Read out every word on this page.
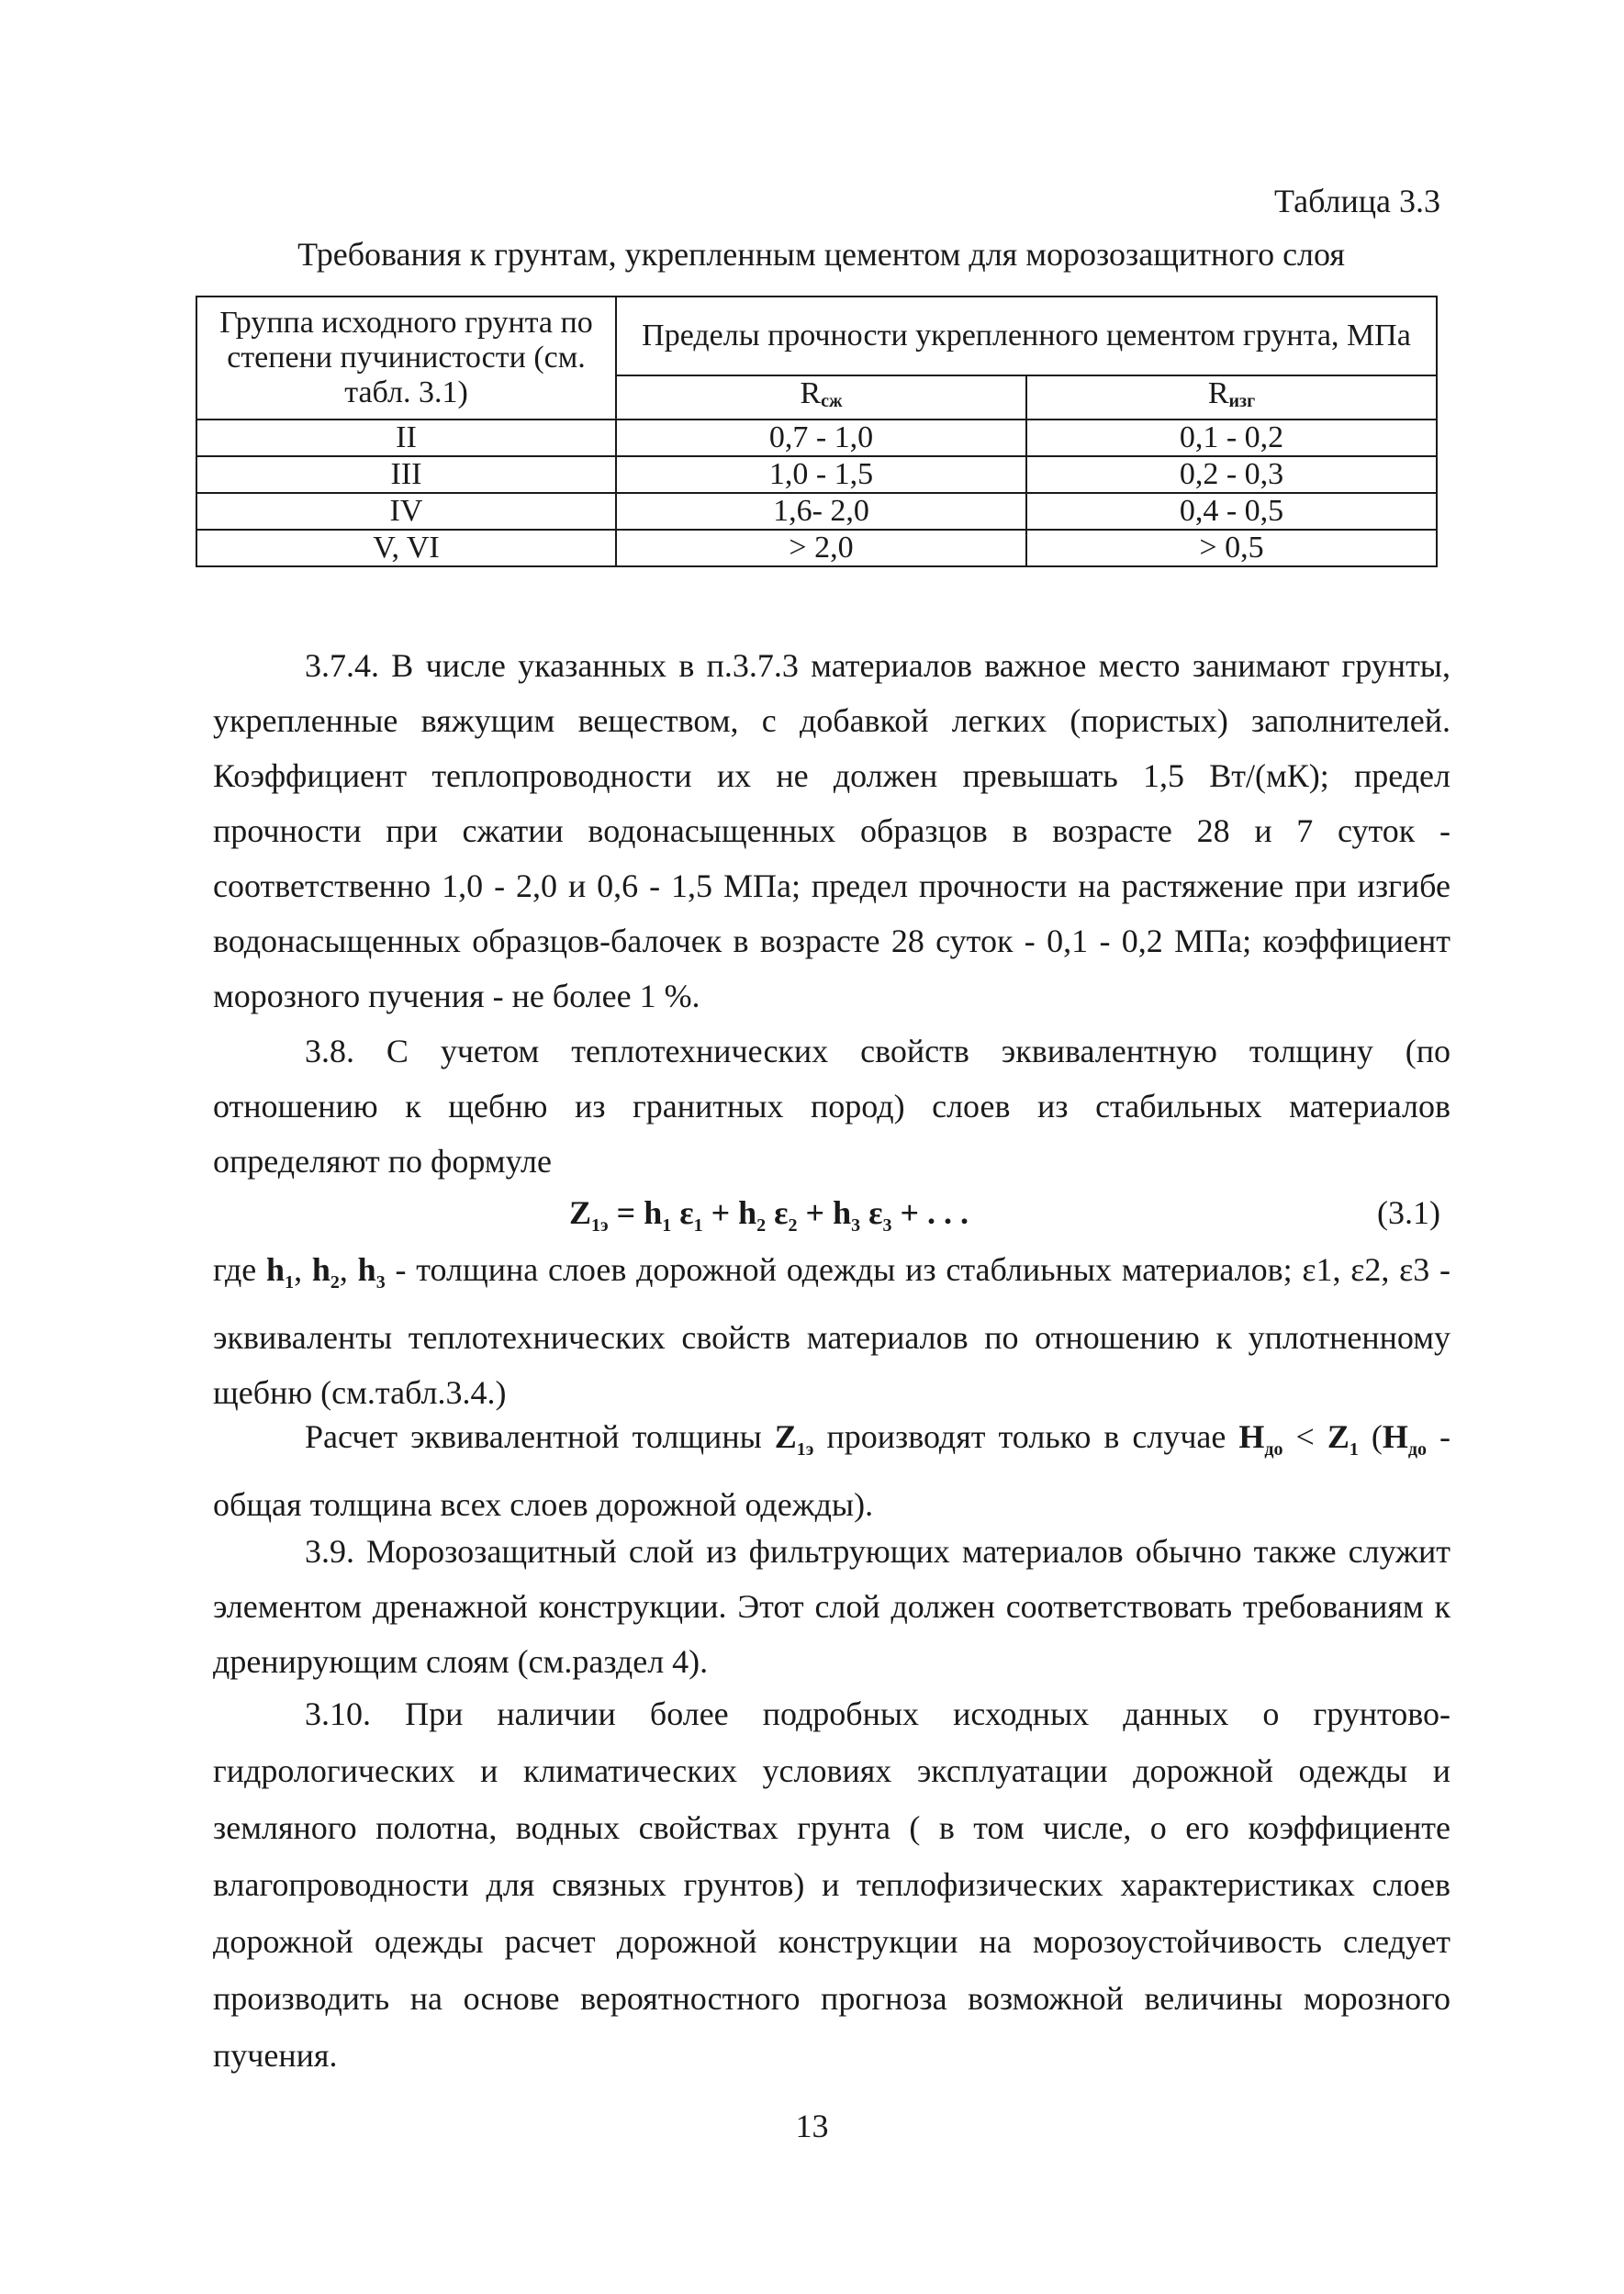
Таблица 3.3
Требования к грунтам, укрепленным цементом для морозозащитного слоя
Группа исходного грунта по степени пучинистости (см. табл. 3.1)	Пределы прочности укрепленного цементом грунта, МПа	
	$R_{сж}$	$R_{изг}$
II	0,7 - 1,0	0,1 - 0,2
III	1,0 - 1,5	0,2 - 0,3
IV	1,6- 2,0	0,4 - 0,5
V, VI	> 2,0	> 0,5

3.7.4. В числе указанных в п.3.7.3 материалов важное место занимают грунты, укрепленные вяжущим веществом, с добавкой легких (пористых) заполнителей. Коэффициент теплопроводности их не должен превышать 1,5 Вт/(мК); предел прочности при сжатии водонасыщенных образцов в возрасте 28 и 7 суток - соответственно 1,0 - 2,0 и 0,6 - 1,5 МПа; предел прочности на растяжение при изгибе водонасыщенных образцов-балочек в возрасте 28 суток - 0,1 - 0,2 МПа; коэффициент морозного пучения - не более 1 %.

3.8. С учетом теплотехнических свойств эквивалентную толщину (по отношению к щебню из гранитных пород) слоев из стабильных материалов определяют по формуле

$Z_{1э} = h_1$ $\varepsilon_1 + h_2$ $\varepsilon_2 + h_3$ $\varepsilon_3$ + . . .	(3.1)

где $h_1$, $h_2$, $h_3$ - толщина слоев дорожной одежды из стаблиьных материалов; ε1, ε2, ε3 - эквиваленты теплотехнических свойств материалов по отношению к уплотненному щебню (см.табл.3.4.)

Расчет эквивалентной толщины $Z_{1э}$ производят только в случае $H_{до} < Z_1$ ($H_{до}$ - общая толщина всех слоев дорожной одежды).

3.9. Морозозащитный слой из фильтрующих материалов обычно также служит элементом дренажной конструкции. Этот слой должен соответствовать требованиям к дренирующим слоям (см.раздел 4).

3.10. При наличии более подробных исходных данных о грунтово-гидрологических и климатических условиях эксплуатации дорожной одежды и земляного полотна, водных свойствах грунта ( в том числе, о его коэффициенте влагопроводности для связных грунтов) и теплофизических характеристиках слоев дорожной одежды расчет дорожной конструкции на морозоустойчивость следует производить на основе вероятностного прогноза возможной величины морозного пучения.

13
